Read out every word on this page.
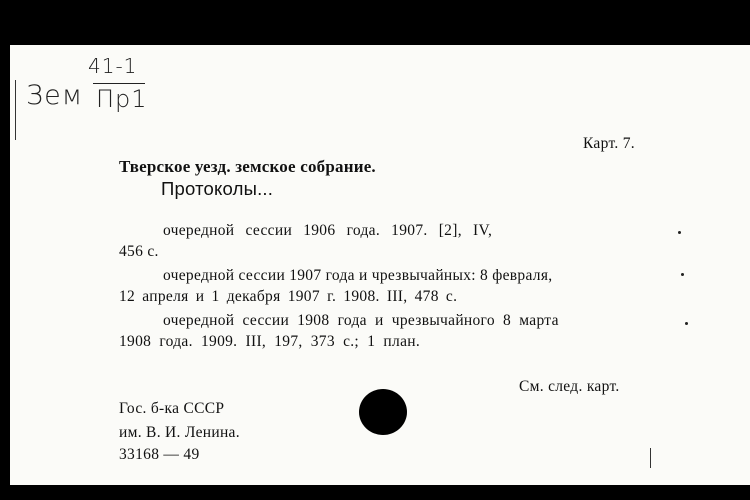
41-1
Зем Пр1
Карт. 7.
Тверское уезд. земское собрание.
Протоколы...
очередной сессии 1906 года. 1907. [2], IV,
456 с.
очередной сессии 1907 года и чрезвычайных: 8 февраля,
12 апреля и 1 декабря 1907 г. 1908. III, 478 с.
очередной сессии 1908 года и чрезвычайного 8 марта
1908 года. 1909. III, 197, 373 с.; 1 план.
См. след. карт.
Гос. б-ка СССР
им. В. И. Ленина.
33168 — 49
